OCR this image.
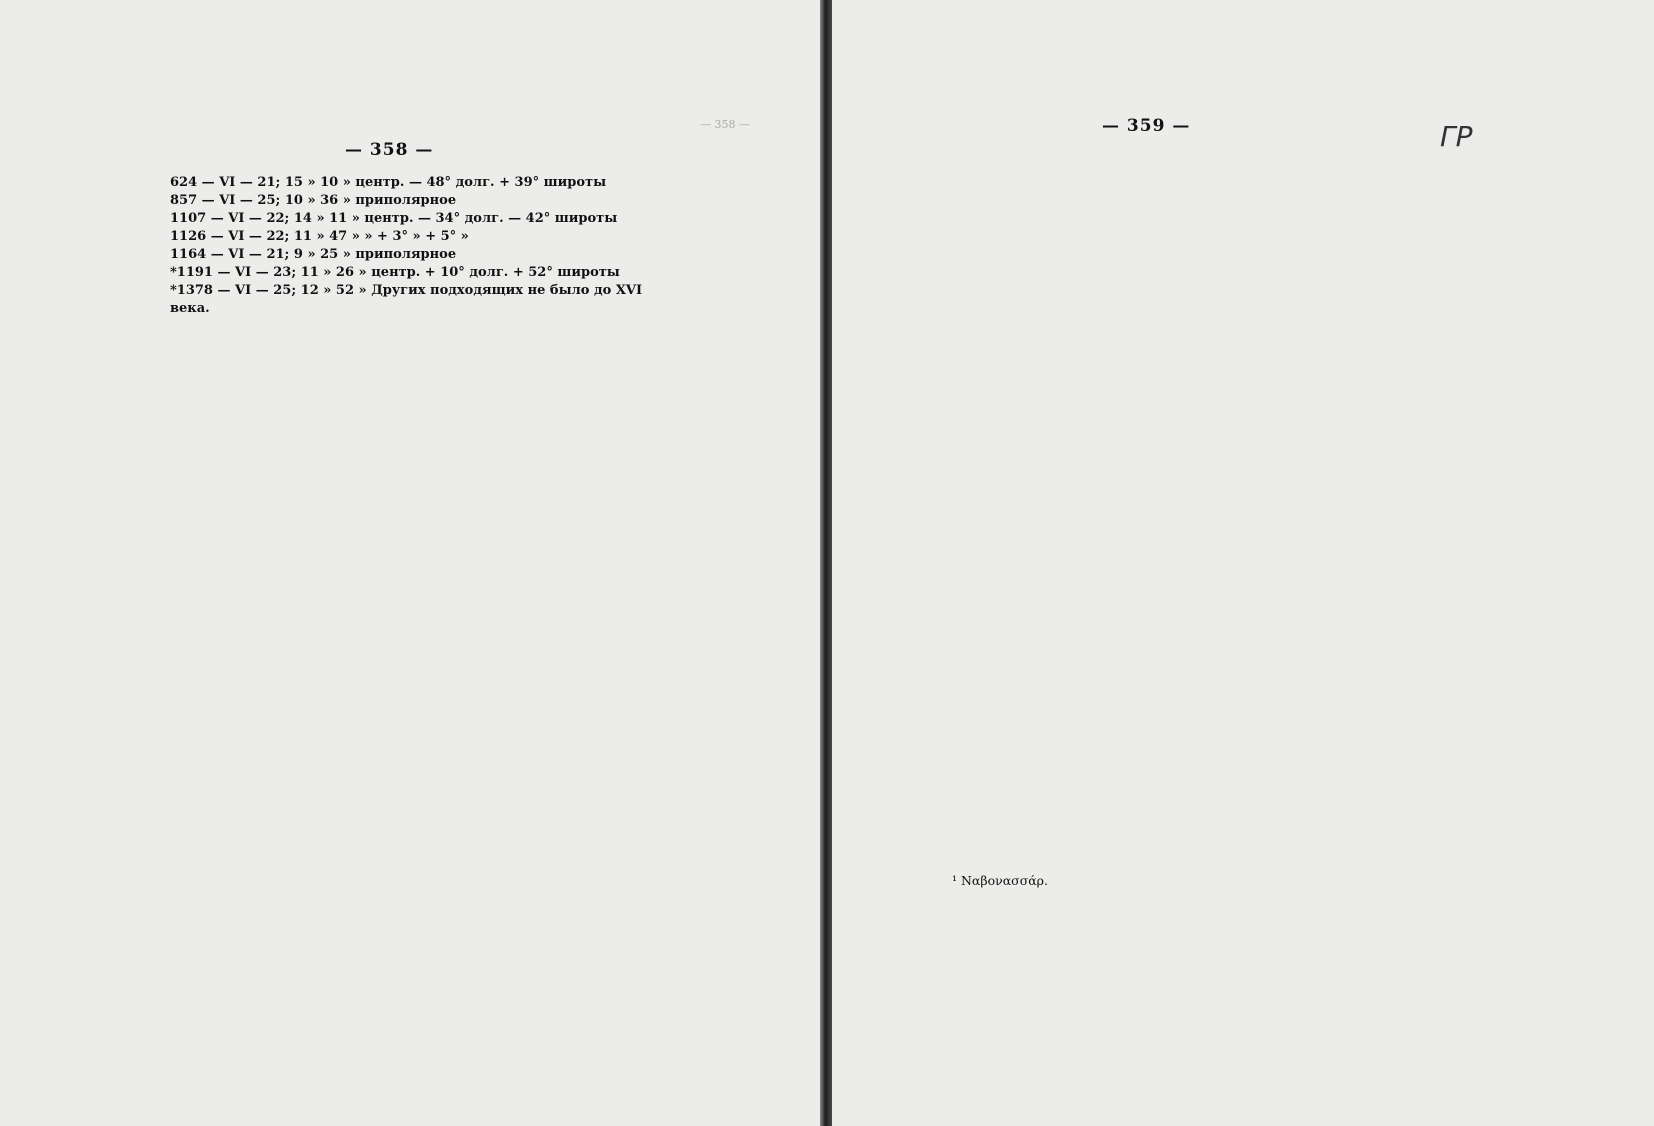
— 358 —
624 — VI — 21; 15 » 10 » центр. — 48° долг. + 39° широты
857 — VI — 25; 10 » 36 » приполярное
1107 — VI — 22; 14 » 11 » центр. — 34° долг. — 42° широты
1126 — VI — 22; 11 » 47 » » + 3° » + 5° »
1164 — VI — 21; 9 » 25 » приполярное
*1191 — VI — 23; 11 » 26 » центр. + 10° долг. + 52° широты
*1378 — VI — 25; 12 » 52 » Других подходящих не было до XVI века.
— 358 —	— 359 —
¹ Ναβονασσάρ.
ГР
